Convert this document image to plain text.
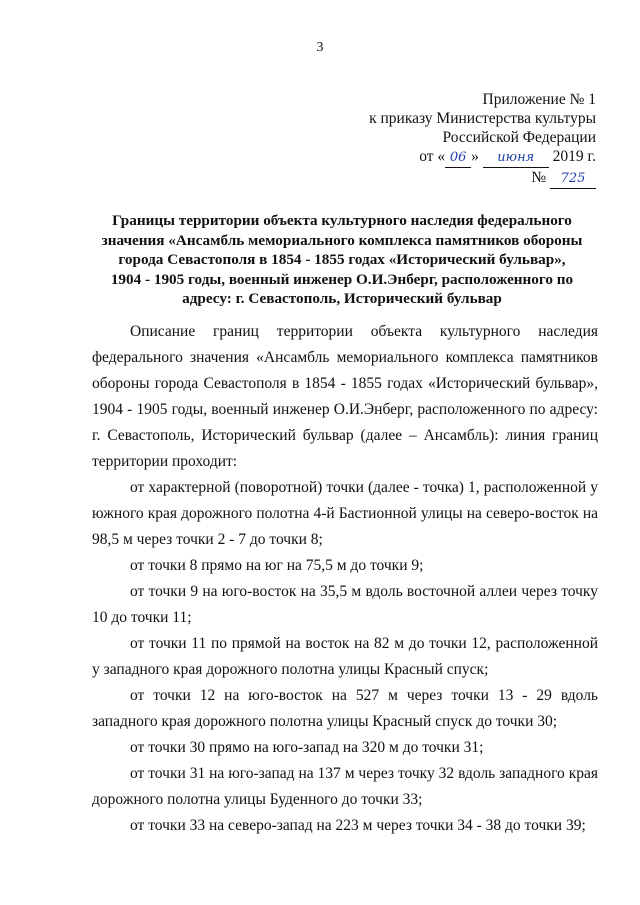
3
Приложение № 1
к приказу Министерства культуры
Российской Федерации
от « 06 » июня 2019 г.
№ 725
Границы территории объекта культурного наследия федерального
значения «Ансамбль мемориального комплекса памятников обороны
города Севастополя в 1854 - 1855 годах «Исторический бульвар»,
1904 - 1905 годы, военный инженер О.И.Энберг, расположенного по
адресу: г. Севастополь, Исторический бульвар

Описание границ территории объекта культурного наследия федерального значения «Ансамбль мемориального комплекса памятников обороны города Севастополя в 1854 - 1855 годах «Исторический бульвар», 1904 - 1905 годы, военный инженер О.И.Энберг, расположенного по адресу: г. Севастополь, Исторический бульвар (далее – Ансамбль): линия границ территории проходит:

от характерной (поворотной) точки (далее - точка) 1, расположенной у южного края дорожного полотна 4-й Бастионной улицы на северо-восток на 98,5 м через точки 2 - 7 до точки 8;

от точки 8 прямо на юг на 75,5 м до точки 9;

от точки 9 на юго-восток на 35,5 м вдоль восточной аллеи через точку 10 до точки 11;

от точки 11 по прямой на восток на 82 м до точки 12, расположенной у западного края дорожного полотна улицы Красный спуск;

от точки 12 на юго-восток на 527 м через точки 13 - 29 вдоль западного края дорожного полотна улицы Красный спуск до точки 30;

от точки 30 прямо на юго-запад на 320 м до точки 31;

от точки 31 на юго-запад на 137 м через точку 32 вдоль западного края дорожного полотна улицы Буденного до точки 33;

от точки 33 на северо-запад на 223 м через точки 34 - 38 до точки 39;
